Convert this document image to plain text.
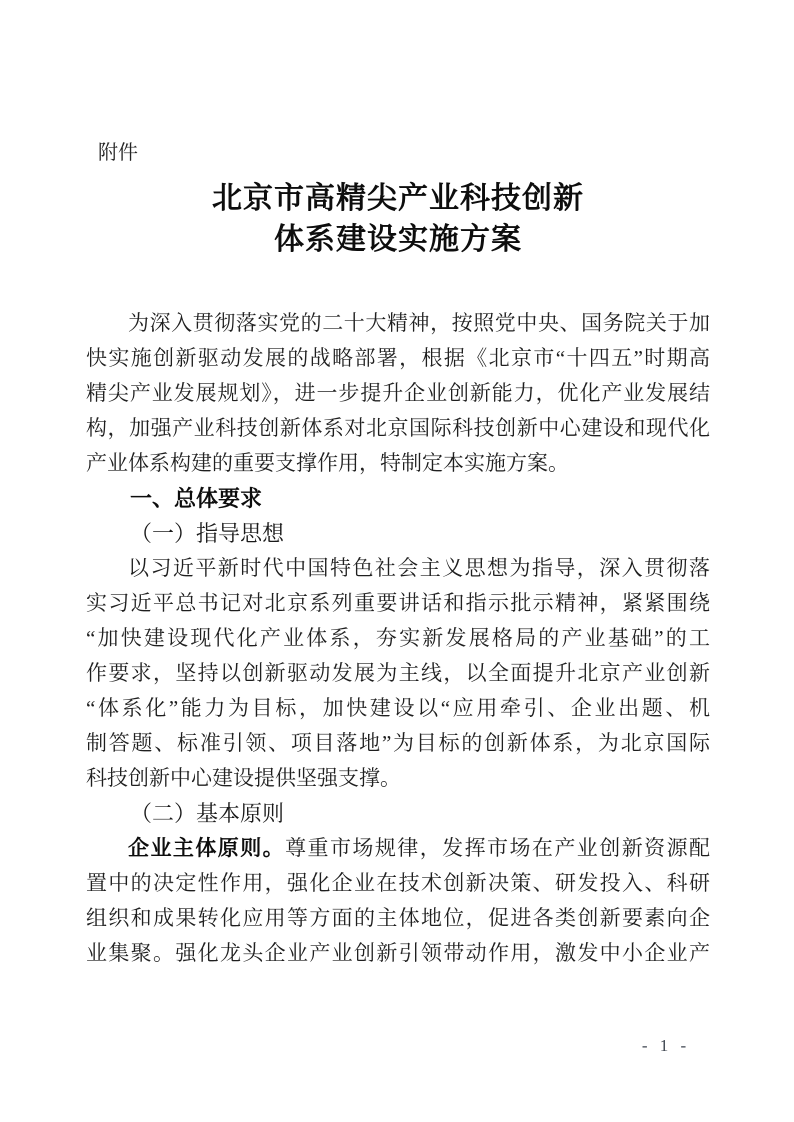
附件
北京市高精尖产业科技创新
体系建设实施方案

为深入贯彻落实党的二十大精神，按照党中央、国务院关于加
快实施创新驱动发展的战略部署，根据《北京市“十四五”时期高
精尖产业发展规划》，进一步提升企业创新能力，优化产业发展结
构，加强产业科技创新体系对北京国际科技创新中心建设和现代化
产业体系构建的重要支撑作用，特制定本实施方案。

一、总体要求
（一）指导思想

以习近平新时代中国特色社会主义思想为指导，深入贯彻落
实习近平总书记对北京系列重要讲话和指示批示精神，紧紧围绕
“加快建设现代化产业体系，夯实新发展格局的产业基础”的工
作要求，坚持以创新驱动发展为主线，以全面提升北京产业创新
“体系化”能力为目标，加快建设以“应用牵引、企业出题、机
制答题、标准引领、项目落地”为目标的创新体系，为北京国际
科技创新中心建设提供坚强支撑。

（二）基本原则

企业主体原则。尊重市场规律，发挥市场在产业创新资源配
置中的决定性作用，强化企业在技术创新决策、研发投入、科研
组织和成果转化应用等方面的主体地位，促进各类创新要素向企
业集聚。强化龙头企业产业创新引领带动作用，激发中小企业产

- 1 -
